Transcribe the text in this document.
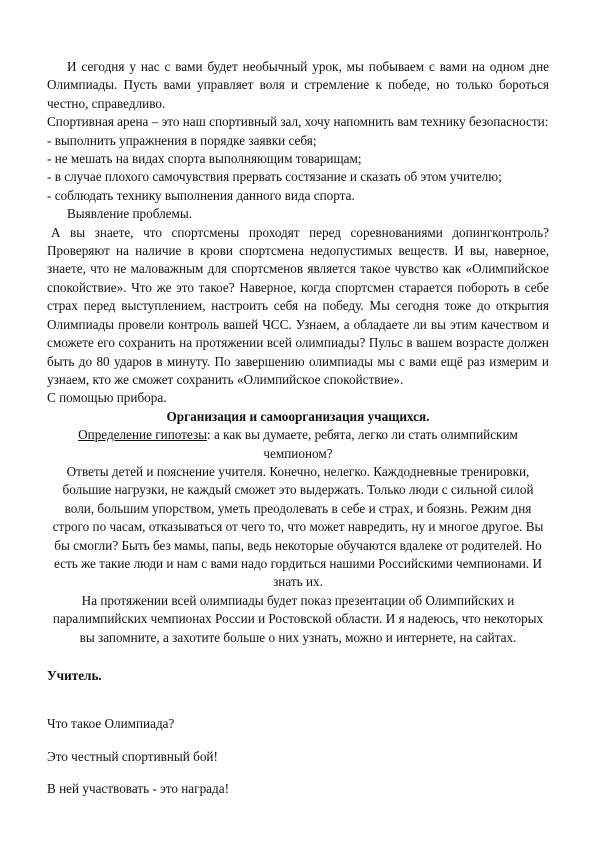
И сегодня у нас с вами будет необычный урок, мы побываем с вами на одном дне Олимпиады. Пусть вами управляет воля и стремление к победе, но только бороться честно, справедливо.

Спортивная арена – это наш спортивный зал, хочу напомнить вам технику безопасности:

- выполнить упражнения в порядке заявки себя;

- не мешать на видах спорта выполняющим товарищам;

- в случае плохого самочувствия прервать состязание и сказать об этом учителю;

- соблюдать технику выполнения данного вида спорта.

Выявление проблемы.

А вы знаете, что спортсмены проходят перед соревнованиями допингконтроль? Проверяют на наличие в крови спортсмена недопустимых веществ. И вы, наверное, знаете, что не маловажным для спортсменов является такое чувство как «Олимпийское спокойствие». Что же это такое? Наверное, когда спортсмен старается побороть в себе страх перед выступлением, настроить себя на победу. Мы сегодня тоже до открытия Олимпиады провели контроль вашей ЧСС. Узнаем, а обладаете ли вы этим качеством и сможете его сохранить на протяжении всей олимпиады? Пульс в вашем возрасте должен быть до 80 ударов в минуту. По завершению олимпиады мы с вами ещё раз измерим и узнаем, кто же сможет сохранить «Олимпийское спокойствие».

С помощью прибора.

Организация и самоорганизация учащихся.

Определение гипотезы: а как вы думаете, ребята, легко ли стать олимпийским чемпионом?

Ответы детей и пояснение учителя. Конечно, нелегко. Каждодневные тренировки, большие нагрузки, не каждый сможет это выдержать. Только люди с сильной силой воли, большим упорством, уметь преодолевать в себе и страх, и боязнь. Режим дня строго по часам, отказываться от чего то, что может навредить, ну и многое другое. Вы бы смогли? Быть без мамы, папы, ведь некоторые обучаются вдалеке от родителей. Но есть же такие люди и нам с вами надо гордиться нашими Российскими чемпионами. И знать их.

На протяжении всей олимпиады будет показ презентации об Олимпийских и паралимпийских чемпионах России и Ростовской области. И я надеюсь, что некоторых вы запомните, а захотите больше о них узнать, можно и интернете, на сайтах.

Учитель.

Что такое Олимпиада?

Это честный спортивный бой!

В ней участвовать - это награда!
